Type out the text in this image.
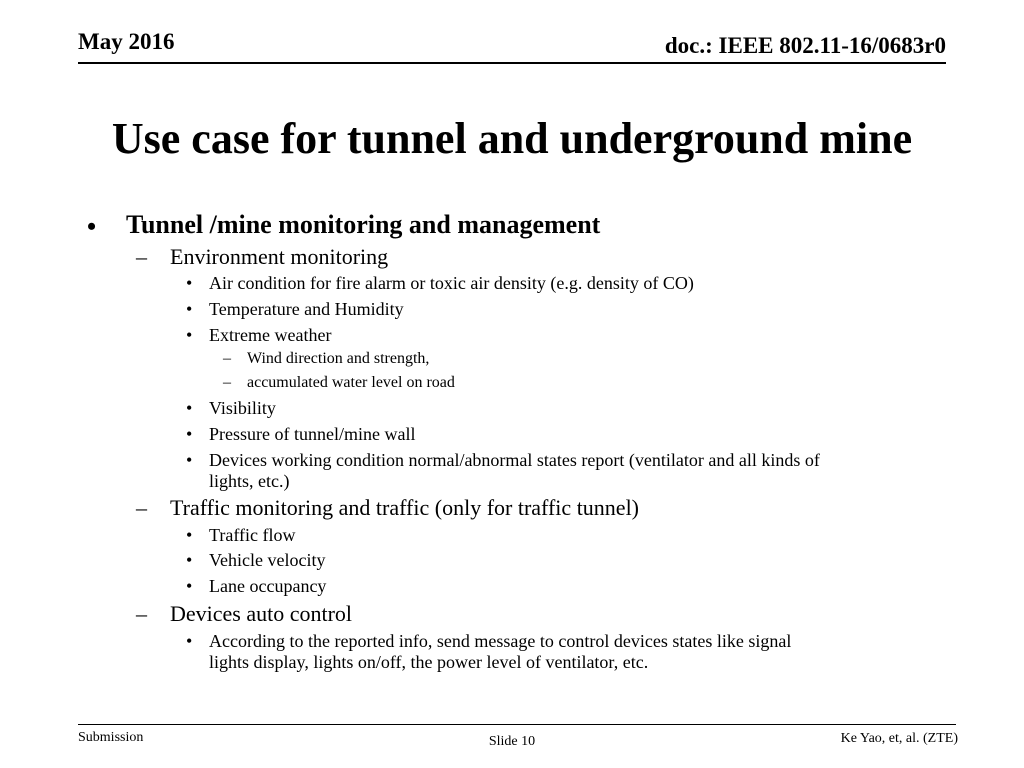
May 2016	doc.: IEEE 802.11-16/0683r0
Use case for tunnel and underground mine
• Tunnel /mine monitoring and management
– Environment monitoring
• Air condition for fire alarm or toxic air density (e.g. density of CO)
• Temperature and Humidity
• Extreme weather
– Wind direction and strength,
– accumulated water level on road
• Visibility
• Pressure of tunnel/mine wall
• Devices working condition normal/abnormal states report (ventilator and all kinds of
lights, etc.)
– Traffic monitoring and traffic (only for traffic tunnel)
• Traffic flow
• Vehicle velocity
• Lane occupancy
– Devices auto control
• According to the reported info, send message to control devices states like signal
lights display, lights on/off, the power level of ventilator, etc.
Submission	Slide 10	Ke Yao, et, al. (ZTE)
